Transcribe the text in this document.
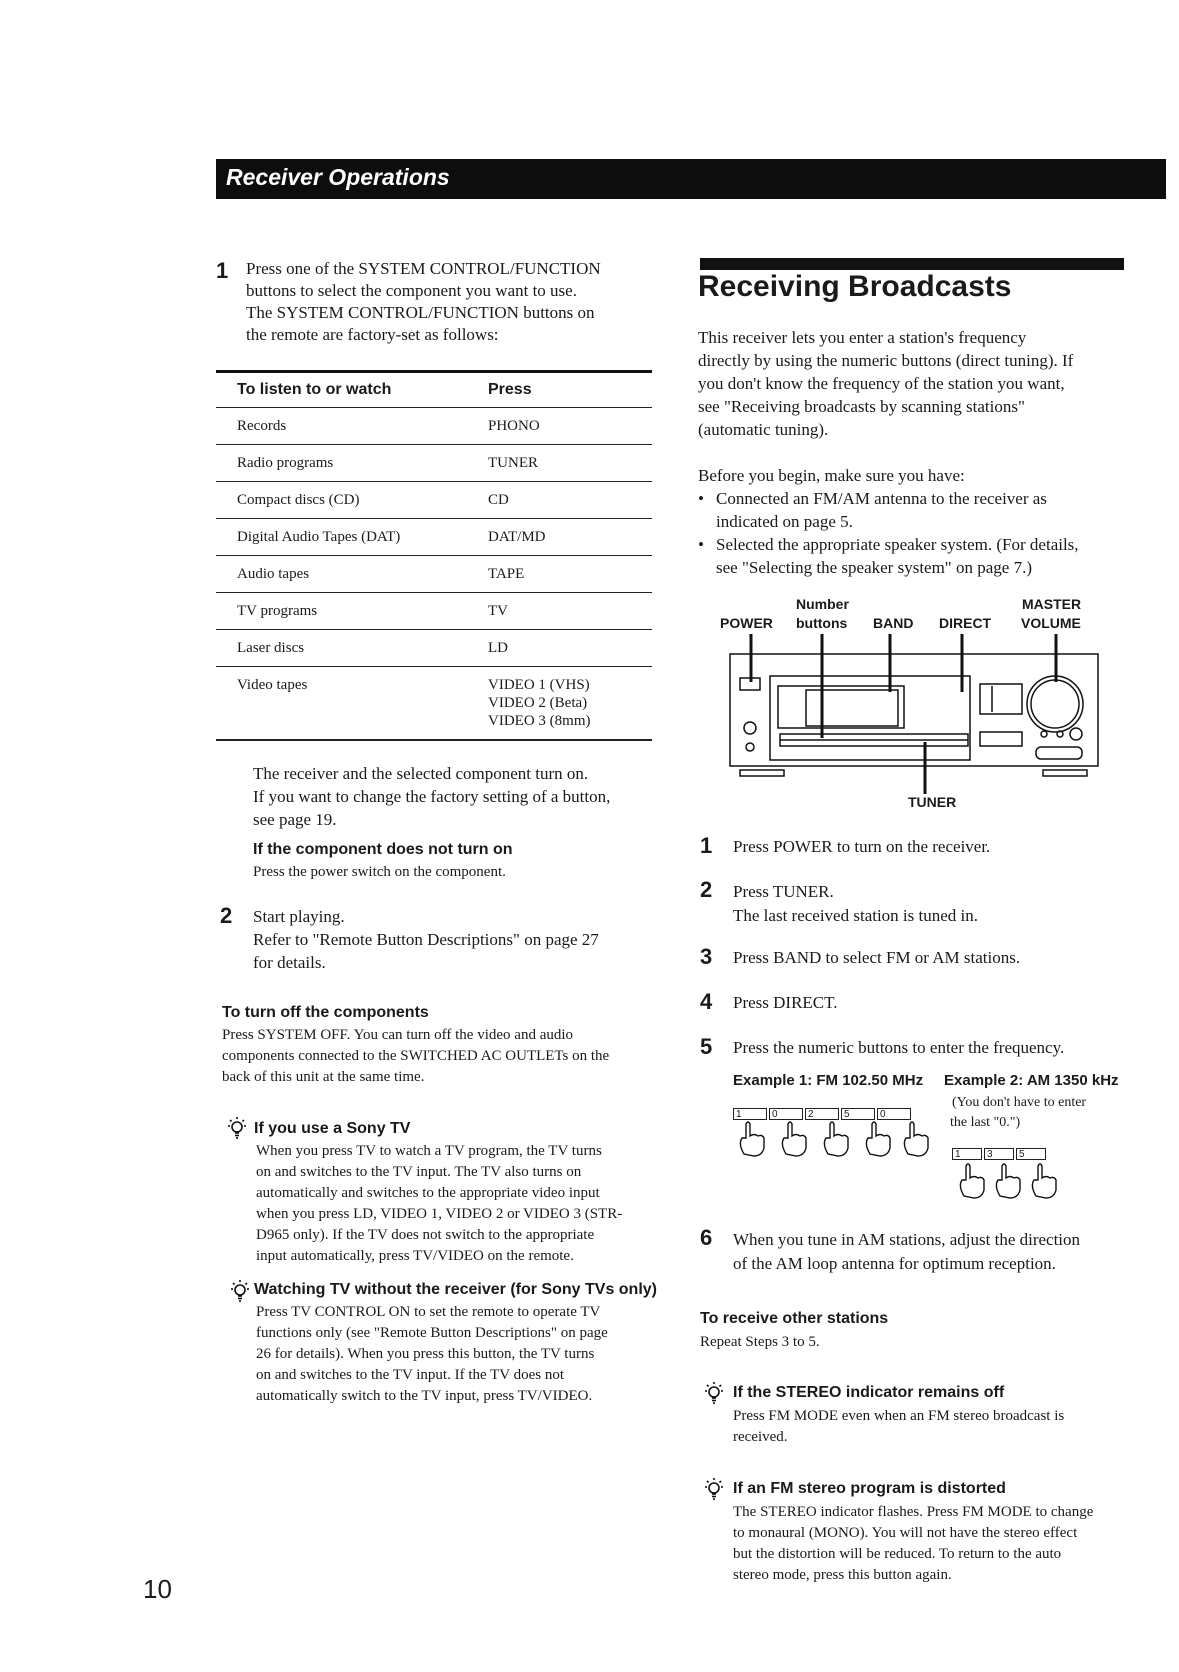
Receiver Operations
1 Press one of the SYSTEM CONTROL/FUNCTION
buttons to select the component you want to use.
The SYSTEM CONTROL/FUNCTION buttons on
the remote are factory-set as follows:
To listen to or watch	Press
Records	PHONO
Radio programs	TUNER
Compact discs (CD)	CD
Digital Audio Tapes (DAT)	DAT/MD
Audio tapes	TAPE
TV programs	TV
Laser discs	LD
Video tapes	VIDEO 1 (VHS)
VIDEO 2 (Beta)
VIDEO 3 (8mm)
The receiver and the selected component turn on.
If you want to change the factory setting of a button,
see page 19.
If the component does not turn on
Press the power switch on the component.
2 Start playing.
Refer to "Remote Button Descriptions" on page 27
for details.
To turn off the components
Press SYSTEM OFF. You can turn off the video and audio
components connected to the SWITCHED AC OUTLETs on the
back of this unit at the same time.
If you use a Sony TV
When you press TV to watch a TV program, the TV turns
on and switches to the TV input. The TV also turns on
automatically and switches to the appropriate video input
when you press LD, VIDEO 1, VIDEO 2 or VIDEO 3 (STR-
D965 only). If the TV does not switch to the appropriate
input automatically, press TV/VIDEO on the remote.
Watching TV without the receiver (for Sony TVs only)
Press TV CONTROL ON to set the remote to operate TV
functions only (see "Remote Button Descriptions" on page
26 for details). When you press this button, the TV turns
on and switches to the TV input. If the TV does not
automatically switch to the TV input, press TV/VIDEO.
10
Receiving Broadcasts
This receiver lets you enter a station's frequency
directly by using the numeric buttons (direct tuning). If
you don't know the frequency of the station you want,
see "Receiving broadcasts by scanning stations"
(automatic tuning).
Before you begin, make sure you have:
• Connected an FM/AM antenna to the receiver as
indicated on page 5.
• Selected the appropriate speaker system. (For details,
see "Selecting the speaker system" on page 7.)
Number	MASTER
POWER buttons BAND DIRECT VOLUME
TUNER
1 Press POWER to turn on the receiver.
2 Press TUNER.
The last received station is tuned in.
3 Press BAND to select FM or AM stations.
4 Press DIRECT.
5 Press the numeric buttons to enter the frequency.
Example 1: FM 102.50 MHz Example 2: AM 1350 kHz
1	0	2	5	0
(You don't have to enter
the last "0.")
1	3	5
6 When you tune in AM stations, adjust the direction
of the AM loop antenna for optimum reception.
To receive other stations
Repeat Steps 3 to 5.
If the STEREO indicator remains off
Press FM MODE even when an FM stereo broadcast is
received.
If an FM stereo program is distorted
The STEREO indicator flashes. Press FM MODE to change
to monaural (MONO). You will not have the stereo effect
but the distortion will be reduced. To return to the auto
stereo mode, press this button again.
